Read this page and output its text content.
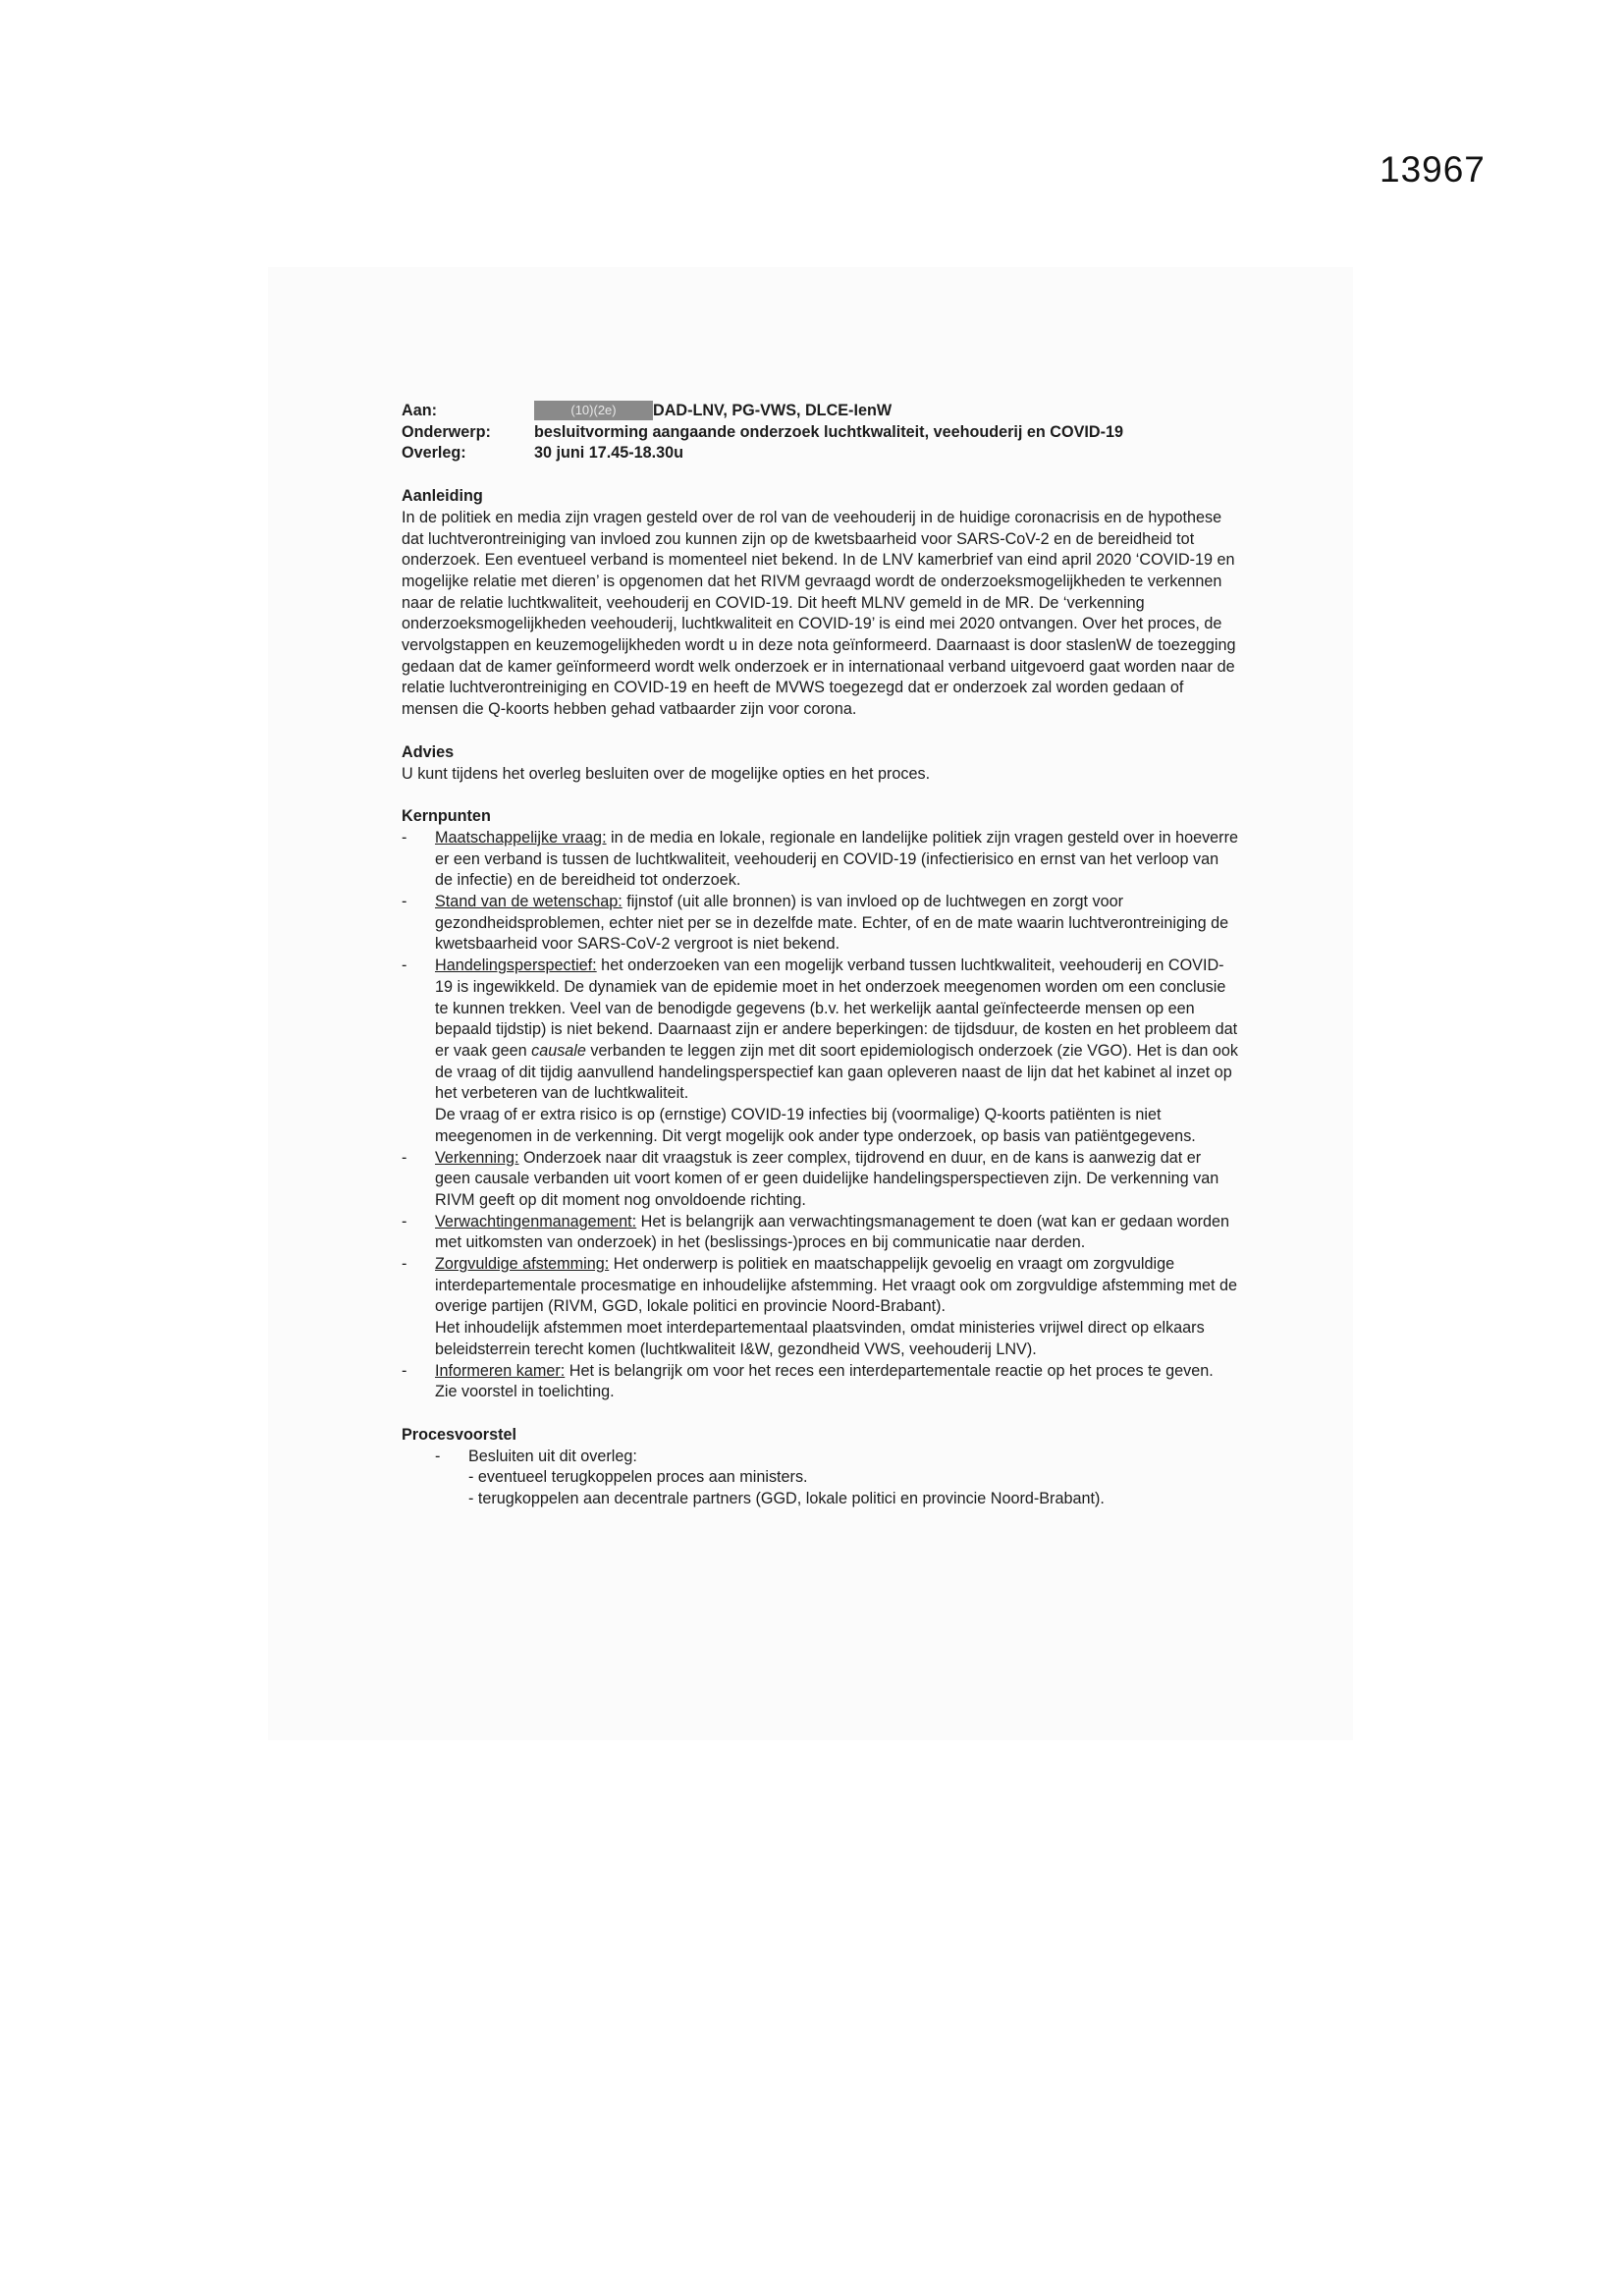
13967
Aan:	(10)(2e) DAD-LNV, PG-VWS, DLCE-IenW
Onderwerp:	besluitvorming aangaande onderzoek luchtkwaliteit, veehouderij en COVID-19
Overleg:	30 juni 17.45-18.30u
Aanleiding

In de politiek en media zijn vragen gesteld over de rol van de veehouderij in de huidige coronacrisis en de hypothese dat luchtverontreiniging van invloed zou kunnen zijn op de kwetsbaarheid voor SARS-CoV-2 en de bereidheid tot onderzoek. Een eventueel verband is momenteel niet bekend. In de LNV kamerbrief van eind april 2020 ‘COVID-19 en mogelijke relatie met dieren’ is opgenomen dat het RIVM gevraagd wordt de onderzoeksmogelijkheden te verkennen naar de relatie luchtkwaliteit, veehouderij en COVID-19. Dit heeft MLNV gemeld in de MR. De ‘verkenning onderzoeksmogelijkheden veehouderij, luchtkwaliteit en COVID-19’ is eind mei 2020 ontvangen. Over het proces, de vervolgstappen en keuzemogelijkheden wordt u in deze nota geïnformeerd. Daarnaast is door staslenW de toezegging gedaan dat de kamer geïnformeerd wordt welk onderzoek er in internationaal verband uitgevoerd gaat worden naar de relatie luchtverontreiniging en COVID-19 en heeft de MVWS toegezegd dat er onderzoek zal worden gedaan of mensen die Q-koorts hebben gehad vatbaarder zijn voor corona.

Advies

U kunt tijdens het overleg besluiten over de mogelijke opties en het proces.

Kernpunten
-	Maatschappelijke vraag: in de media en lokale, regionale en landelijke politiek zijn vragen gesteld over in hoeverre er een verband is tussen de luchtkwaliteit, veehouderij en COVID-19 (infectierisico en ernst van het verloop van de infectie) en de bereidheid tot onderzoek.
-	Stand van de wetenschap: fijnstof (uit alle bronnen) is van invloed op de luchtwegen en zorgt voor gezondheidsproblemen, echter niet per se in dezelfde mate. Echter, of en de mate waarin luchtverontreiniging de kwetsbaarheid voor SARS-CoV-2 vergroot is niet bekend.
-	Handelingsperspectief: het onderzoeken van een mogelijk verband tussen luchtkwaliteit, veehouderij en COVID-19 is ingewikkeld. De dynamiek van de epidemie moet in het onderzoek meegenomen worden om een conclusie te kunnen trekken. Veel van de benodigde gegevens (b.v. het werkelijk aantal geïnfecteerde mensen op een bepaald tijdstip) is niet bekend. Daarnaast zijn er andere beperkingen: de tijdsduur, de kosten en het probleem dat er vaak geen causale verbanden te leggen zijn met dit soort epidemiologisch onderzoek (zie VGO). Het is dan ook de vraag of dit tijdig aanvullend handelingsperspectief kan gaan opleveren naast de lijn dat het kabinet al inzet op het verbeteren van de luchtkwaliteit.

De vraag of er extra risico is op (ernstige) COVID-19 infecties bij (voormalige) Q-koorts patiënten is niet meegenomen in de verkenning. Dit vergt mogelijk ook ander type onderzoek, op basis van patiëntgegevens.

-	Verkenning: Onderzoek naar dit vraagstuk is zeer complex, tijdrovend en duur, en de kans is aanwezig dat er geen causale verbanden uit voort komen of er geen duidelijke handelingsperspectieven zijn. De verkenning van RIVM geeft op dit moment nog onvoldoende richting.
-	Verwachtingenmanagement: Het is belangrijk aan verwachtingsmanagement te doen (wat kan er gedaan worden met uitkomsten van onderzoek) in het (beslissings-)proces en bij communicatie naar derden.
-	Zorgvuldige afstemming: Het onderwerp is politiek en maatschappelijk gevoelig en vraagt om zorgvuldige interdepartementale procesmatige en inhoudelijke afstemming. Het vraagt ook om zorgvuldige afstemming met de overige partijen (RIVM, GGD, lokale politici en provincie Noord-Brabant).

Het inhoudelijk afstemmen moet interdepartementaal plaatsvinden, omdat ministeries vrijwel direct op elkaars beleidsterrein terecht komen (luchtkwaliteit I&W, gezondheid VWS, veehouderij LNV).

-	Informeren kamer: Het is belangrijk om voor het reces een interdepartementale reactie op het proces te geven. Zie voorstel in toelichting.
Procesvoorstel
-	Besluiten uit dit overleg:

- eventueel terugkoppelen proces aan ministers.

- terugkoppelen aan decentrale partners (GGD, lokale politici en provincie Noord-Brabant).
